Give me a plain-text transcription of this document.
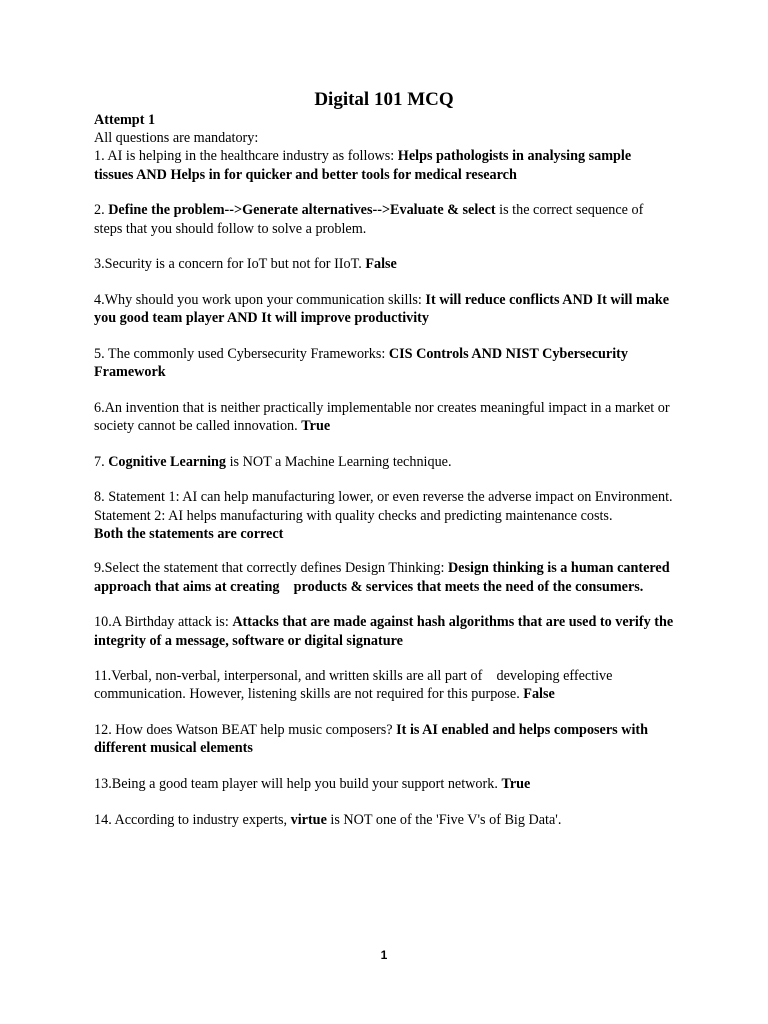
Digital 101 MCQ
Attempt 1
All questions are mandatory:
1. AI is helping in the healthcare industry as follows: Helps pathologists in analysing sample tissues AND Helps in for quicker and better tools for medical research
2. Define the problem-->Generate alternatives-->Evaluate & select is the correct sequence of steps that you should follow to solve a problem.
3.Security is a concern for IoT but not for IIoT. False
4.Why should you work upon your communication skills: It will reduce conflicts AND It will make you good team player AND It will improve productivity
5. The commonly used Cybersecurity Frameworks: CIS Controls AND NIST Cybersecurity Framework
6.An invention that is neither practically implementable nor creates meaningful impact in a market or society cannot be called innovation. True
7. Cognitive Learning is NOT a Machine Learning technique.
8. Statement 1: AI can help manufacturing lower, or even reverse the adverse impact on Environment. Statement 2: AI helps manufacturing with quality checks and predicting maintenance costs.
Both the statements are correct
9.Select the statement that correctly defines Design Thinking: Design thinking is a human cantered approach that aims at creating    products & services that meets the need of the consumers.
10.A Birthday attack is: Attacks that are made against hash algorithms that are used to verify the integrity of a message, software or digital signature
11.Verbal, non-verbal, interpersonal, and written skills are all part of    developing effective communication. However, listening skills are not required for this purpose. False
12. How does Watson BEAT help music composers? It is AI enabled and helps composers with different musical elements
13.Being a good team player will help you build your support network. True
14. According to industry experts, virtue is NOT one of the 'Five V's of Big Data'.
1
